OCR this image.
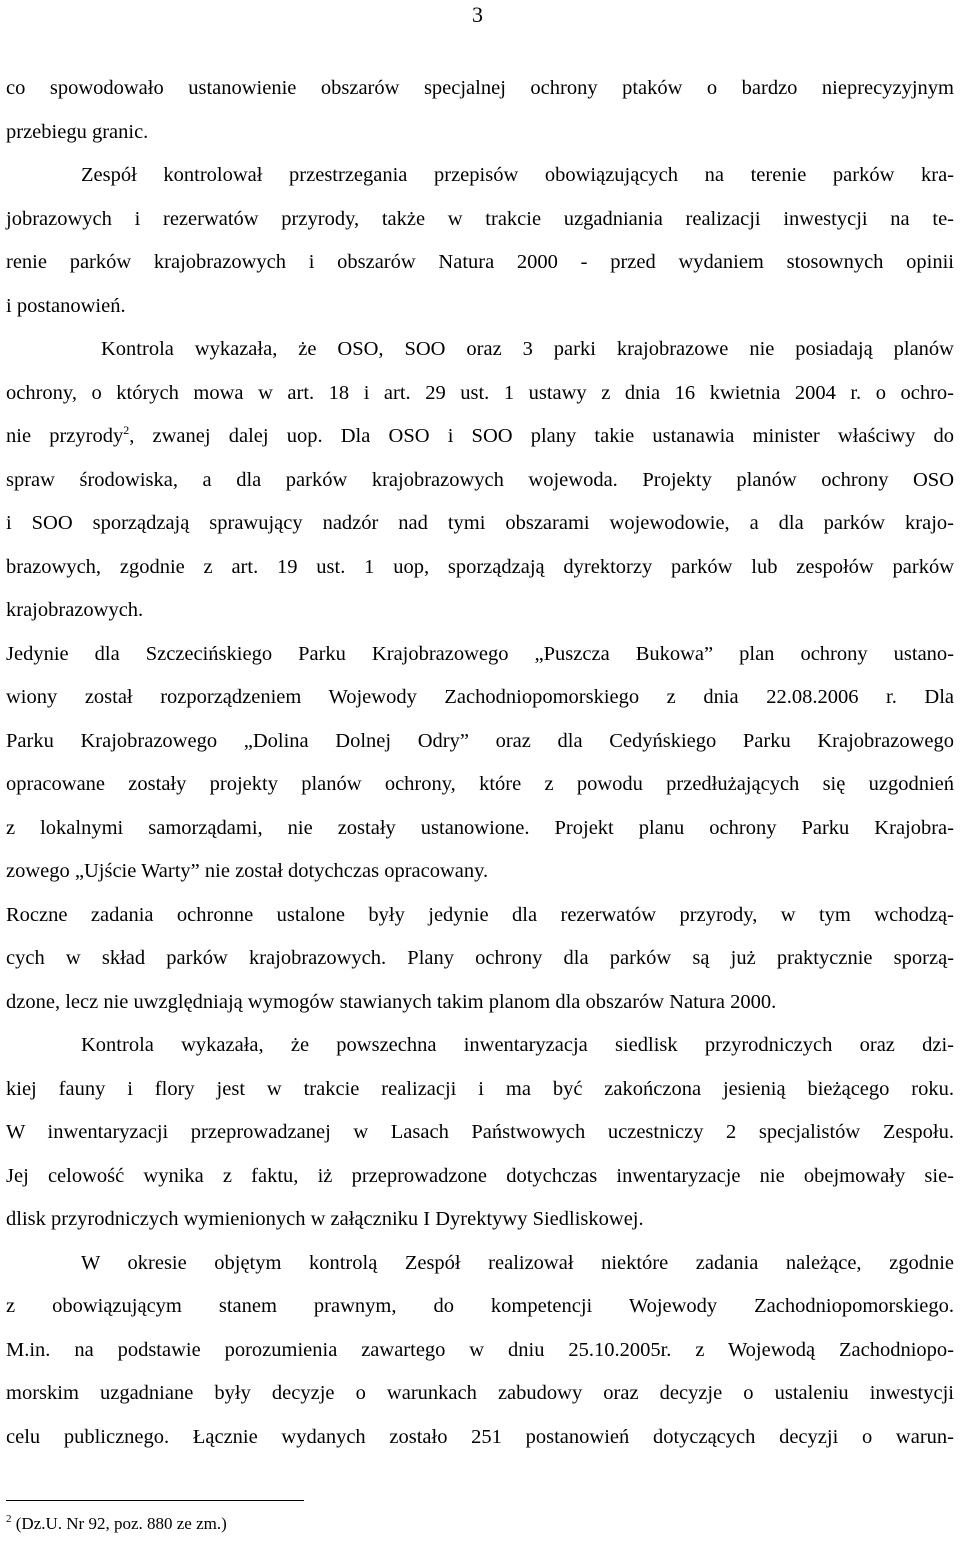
3
co spowodowało ustanowienie obszarów specjalnej ochrony ptaków o bardzo nieprecyzyjnym
przebiegu granic.
Zespół kontrolował przestrzegania przepisów obowiązujących na terenie parków kra-
jobrazowych i rezerwatów przyrody, także w trakcie uzgadniania realizacji inwestycji na te-
renie parków krajobrazowych i obszarów Natura 2000 - przed wydaniem stosownych opinii
i postanowień.
Kontrola wykazała, że OSO, SOO oraz 3 parki krajobrazowe nie posiadają planów
ochrony, o których mowa w art. 18 i art. 29 ust. 1 ustawy z dnia 16 kwietnia 2004 r. o ochro-
nie przyrody$^2$, zwanej dalej uop. Dla OSO i SOO plany takie ustanawia minister właściwy do
spraw środowiska, a dla parków krajobrazowych wojewoda. Projekty planów ochrony OSO
i SOO sporządzają sprawujący nadzór nad tymi obszarami wojewodowie, a dla parków krajo-
brazowych, zgodnie z art. 19 ust. 1 uop, sporządzają dyrektorzy parków lub zespołów parków
krajobrazowych.
Jedynie dla Szczecińskiego Parku Krajobrazowego „Puszcza Bukowa” plan ochrony ustano-
wiony został rozporządzeniem Wojewody Zachodniopomorskiego z dnia 22.08.2006 r. Dla
Parku Krajobrazowego „Dolina Dolnej Odry” oraz dla Cedyńskiego Parku Krajobrazowego
opracowane zostały projekty planów ochrony, które z powodu przedłużających się uzgodnień
z lokalnymi samorządami, nie zostały ustanowione. Projekt planu ochrony Parku Krajobra-
zowego „Ujście Warty” nie został dotychczas opracowany.
Roczne zadania ochronne ustalone były jedynie dla rezerwatów przyrody, w tym wchodzą-
cych w skład parków krajobrazowych. Plany ochrony dla parków są już praktycznie sporzą-
dzone, lecz nie uwzględniają wymogów stawianych takim planom dla obszarów Natura 2000.
Kontrola wykazała, że powszechna inwentaryzacja siedlisk przyrodniczych oraz dzi-
kiej fauny i flory jest w trakcie realizacji i ma być zakończona jesienią bieżącego roku.
W inwentaryzacji przeprowadzanej w Lasach Państwowych uczestniczy 2 specjalistów Zespołu.
Jej celowość wynika z faktu, iż przeprowadzone dotychczas inwentaryzacje nie obejmowały sie-
dlisk przyrodniczych wymienionych w załączniku I Dyrektywy Siedliskowej.
W okresie objętym kontrolą Zespół realizował niektóre zadania należące, zgodnie
z obowiązującym stanem prawnym, do kompetencji Wojewody Zachodniopomorskiego.
M.in. na podstawie porozumienia zawartego w dniu 25.10.2005r. z Wojewodą Zachodniopo-
morskim uzgadniane były decyzje o warunkach zabudowy oraz decyzje o ustaleniu inwestycji
celu publicznego. Łącznie wydanych zostało 251 postanowień dotyczących decyzji o warun-
$^2$ (Dz.U. Nr 92, poz. 880 ze zm.)
